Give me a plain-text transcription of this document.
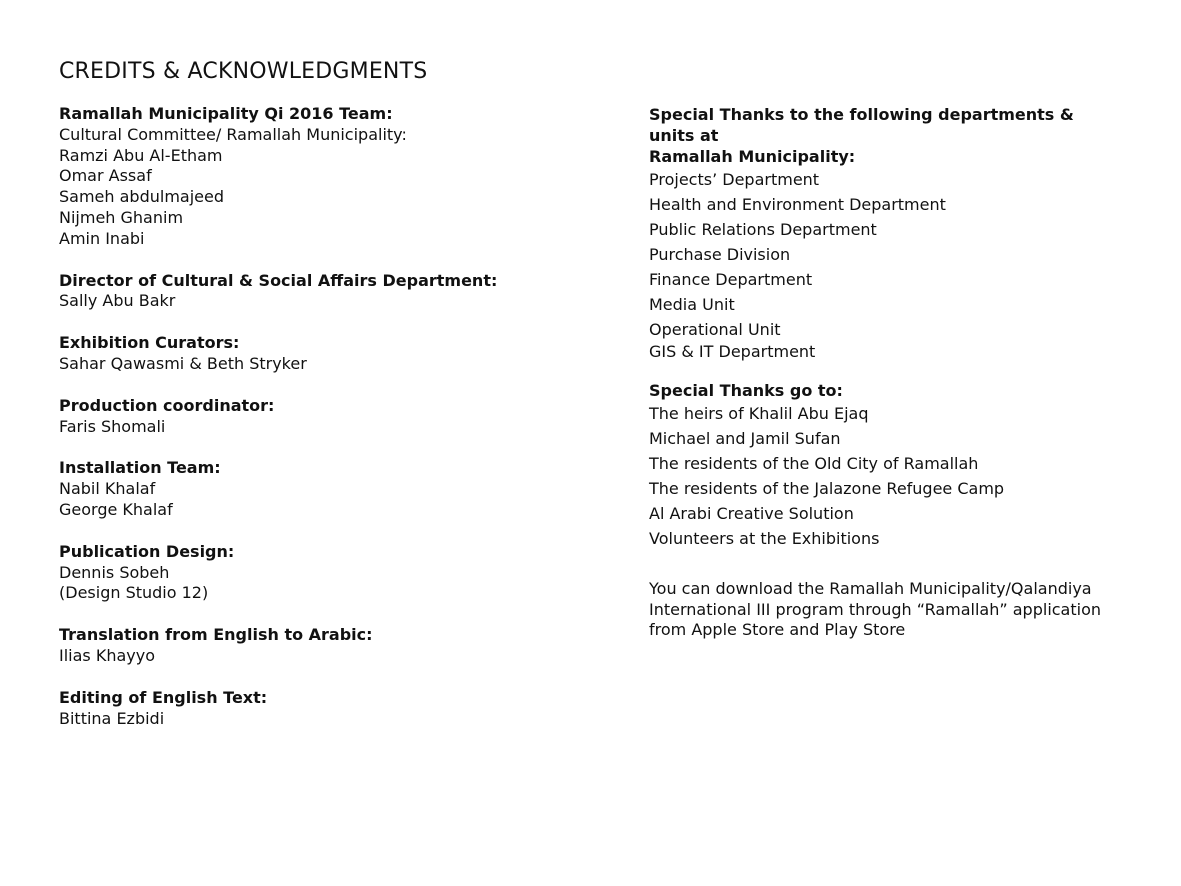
CREDITS & ACKNOWLEDGMENTS
Ramallah Municipality Qi 2016 Team:
Cultural Committee/ Ramallah Municipality:
Ramzi Abu Al-Etham
Omar Assaf
Sameh abdulmajeed
Nijmeh Ghanim
Amin Inabi
Director of Cultural & Social Affairs Department:
Sally Abu Bakr
Exhibition Curators:
Sahar Qawasmi & Beth Stryker
Production coordinator:
Faris Shomali
Installation Team:
Nabil Khalaf
George Khalaf
Publication Design:
Dennis Sobeh
(Design Studio 12)
Translation from English to Arabic:
Ilias Khayyo
Editing of English Text:
Bittina Ezbidi
Special Thanks to the following departments & units at
Ramallah Municipality:
Projects’ Department
Health and Environment Department
Public Relations Department
Purchase Division
Finance Department
Media Unit
Operational Unit
GIS & IT Department
Special Thanks go to:
The heirs of Khalil Abu Ejaq
Michael and Jamil Sufan
The residents of the Old City of Ramallah
The residents of the Jalazone Refugee Camp
Al Arabi Creative Solution
Volunteers at the Exhibitions
You can download the Ramallah Municipality/Qalandiya
International III program through “Ramallah” application
from Apple Store and Play Store
